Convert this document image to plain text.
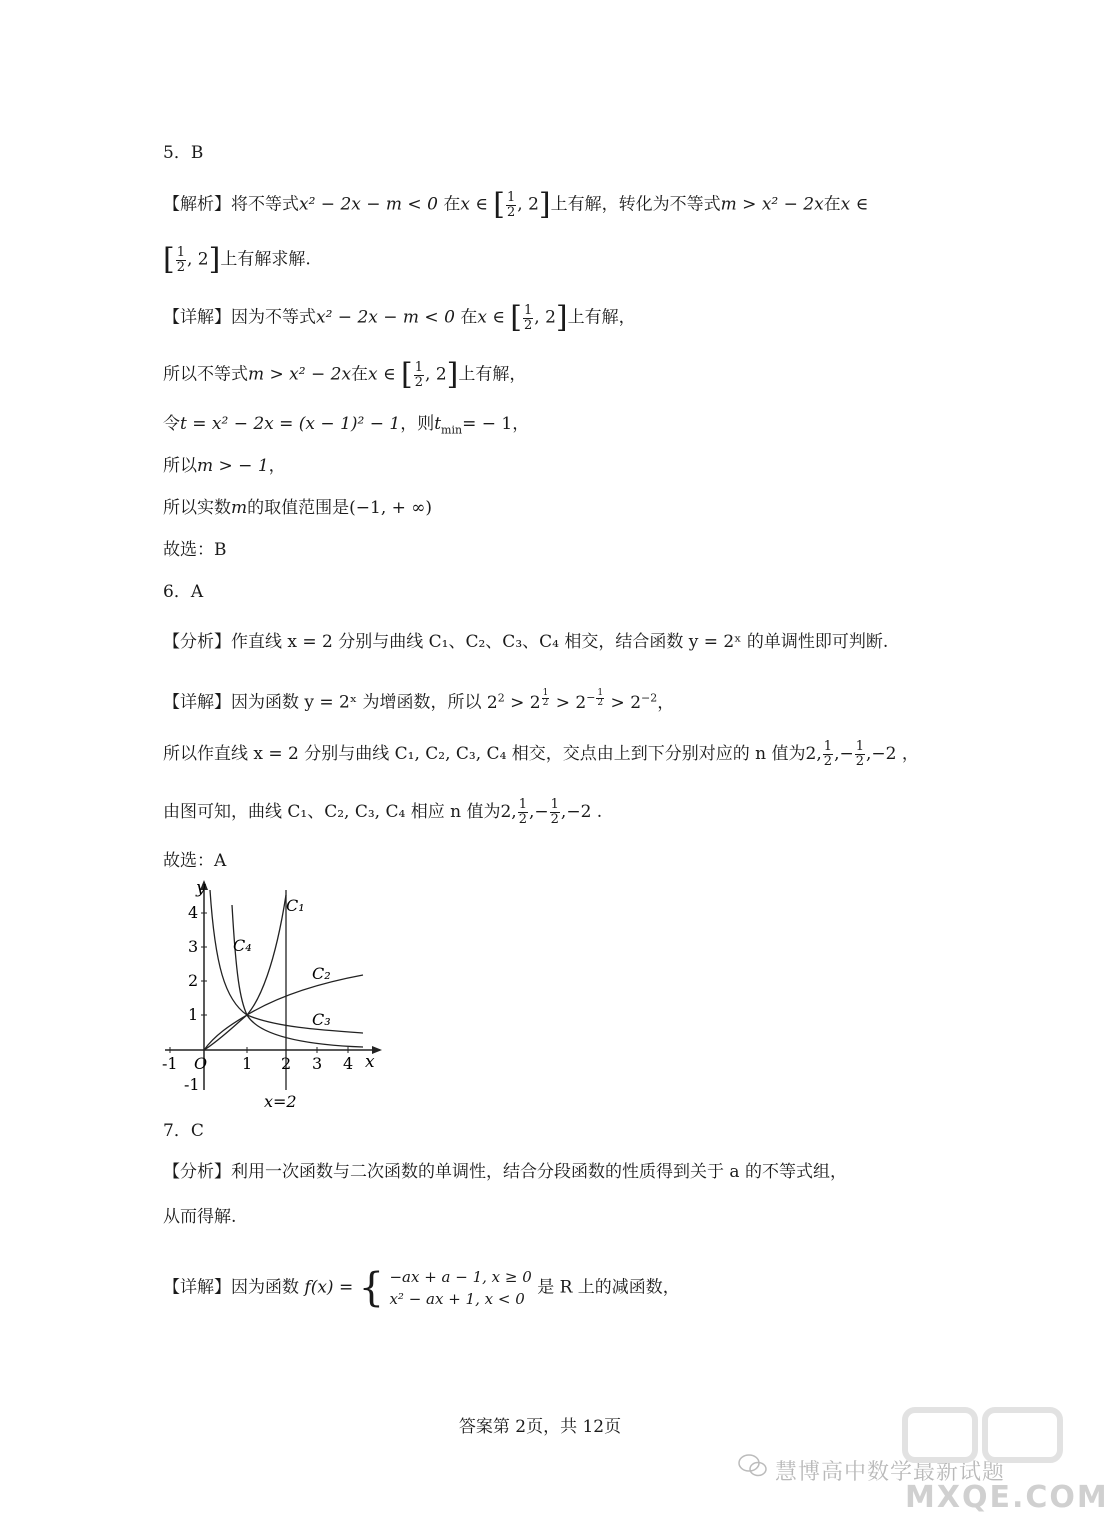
5．B
【解析】将不等式x² − 2x − m < 0 在x ∈ [ $\frac{1}{2}$ , 2]上有解，转化为不等式m > x² − 2x在x ∈
[ $\frac{1}{2}$ , 2]上有解求解.
【详解】因为不等式x² − 2x − m < 0 在x ∈ [ $\frac{1}{2}$ , 2]上有解，
所以不等式m > x² − 2x在x ∈ [ $\frac{1}{2}$ , 2]上有解，
令t = x² − 2x = (x − 1)² − 1，则$t_{min}= - 1$，
所以m > − 1，
所以实数m的取值范围是(−1, + ∞)
故选：B
6．A
【分析】作直线 x = 2 分别与曲线 C₁、C₂、C₃、C₄ 相交，结合函数 y = 2ˣ 的单调性即可判断.
【详解】因为函数 y = 2ˣ 为增函数，所以 $2^2 > 2$ $^{\frac{1}{2}} > 2^{- \frac{1}{2}} > 2^{-2}$，
所以作直线 x = 2 分别与曲线 C₁, C₂, C₃, C₄ 相交，交点由上到下分别对应的 n 值为2, $\frac{1}{2}$ ,− $\frac{1}{2} ,-2$ ，
由图可知，曲线 C₁、C₂, C₃, C₄ 相应 n 值为2, $\frac{1}{2}$ ,− $\frac{1}{2} ,-2$ .
故选：A
y
x
O
-1	1 2 3 4
4
3
2
1
-1
C₁
C₄
C₂
C₃
x=2
7．C
【分析】利用一次函数与二次函数的单调性，结合分段函数的性质得到关于 a 的不等式组，
从而得解.
【详解】因为函数 f(x) = { −ax + a − 1, x ≥ 0
x² − ax + 1, x < 0
是 R 上的减函数，
答案第 2页，共 12页
慧博高中数学最新试题
MXQE.COM
